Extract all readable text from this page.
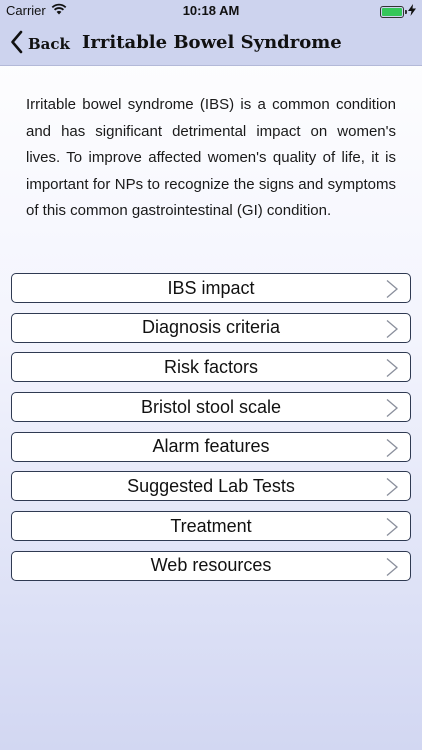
Carrier	10:18 AM
Back Irritable Bowel Syndrome

Irritable bowel syndrome (IBS) is a common condition and has significant detrimental impact on women's lives. To improve affected women's quality of life, it is important for NPs to recognize the signs and symptoms of this common gastrointestinal (GI) condition.

IBS impact
Diagnosis criteria
Risk factors
Bristol stool scale
Alarm features
Suggested Lab Tests
Treatment
Web resources
